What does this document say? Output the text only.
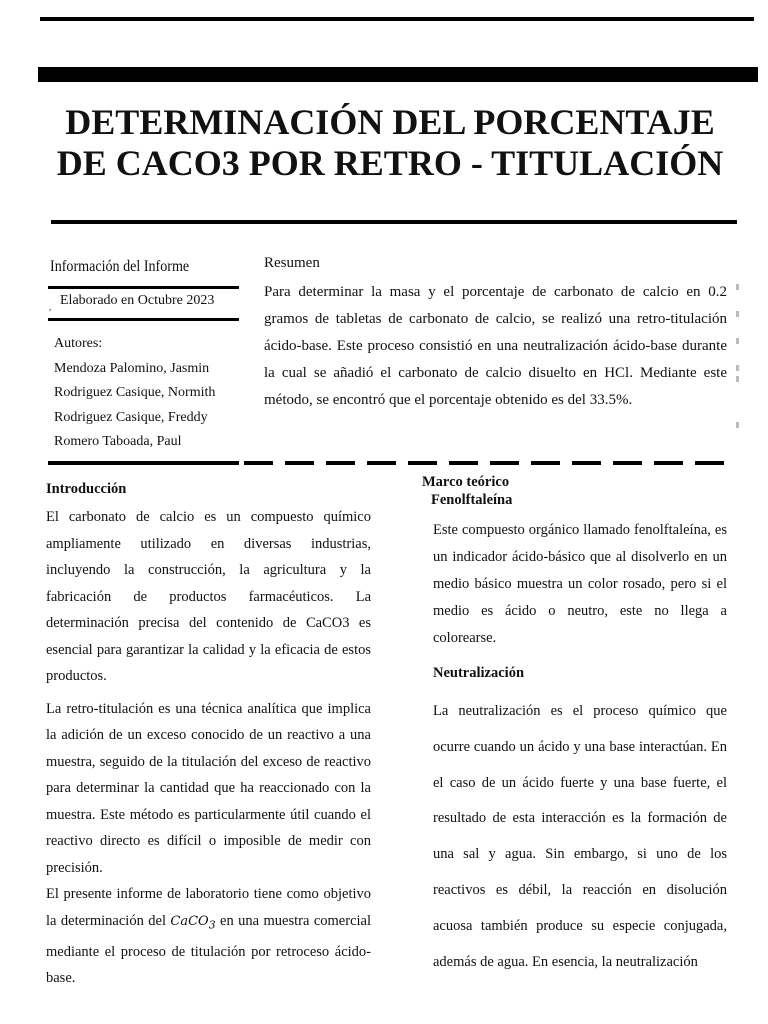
DETERMINACIÓN DEL PORCENTAJE
DE CACO3 POR RETRO - TITULACIÓN
Información del Informe
, Elaborado en Octubre 2023
Autores:
Mendoza Palomino, Jasmin
Rodriguez Casique, Normith
Rodriguez Casique, Freddy
Romero Taboada, Paul
Resumen

Para determinar la masa y el porcentaje de carbonato de calcio en 0.2 gramos de tabletas de carbonato de calcio, se realizó una retro-titulación ácido-base. Este proceso consistió en una neutralización ácido-base durante la cual se añadió el carbonato de calcio disuelto en HCl. Mediante este método, se encontró que el porcentaje obtenido es del 33.5%.

Introducción

El carbonato de calcio es un compuesto químico ampliamente utilizado en diversas industrias, incluyendo la construcción, la agricultura y la fabricación de productos farmacéuticos. La determinación precisa del contenido de CaCO3 es esencial para garantizar la calidad y la eficacia de estos productos.

La retro-titulación es una técnica analítica que implica la adición de un exceso conocido de un reactivo a una muestra, seguido de la titulación del exceso de reactivo para determinar la cantidad que ha reaccionado con la muestra. Este método es particularmente útil cuando el reactivo directo es difícil o imposible de medir con precisión.

El presente informe de laboratorio tiene como objetivo la determinación del CaCO$_3$ en una muestra comercial mediante el proceso de titulación por retroceso ácido-base.

Marco teórico
Fenolftaleína

Este compuesto orgánico llamado fenolftaleína, es un indicador ácido-básico que al disolverlo en un medio básico muestra un color rosado, pero si el medio es ácido o neutro, este no llega a colorearse.

Neutralización

La neutralización es el proceso químico que ocurre cuando un ácido y una base interactúan. En el caso de un ácido fuerte y una base fuerte, el resultado de esta interacción es la formación de una sal y agua. Sin embargo, si uno de los reactivos es débil, la reacción en disolución acuosa también produce su especie conjugada, además de agua. En esencia, la neutralización
